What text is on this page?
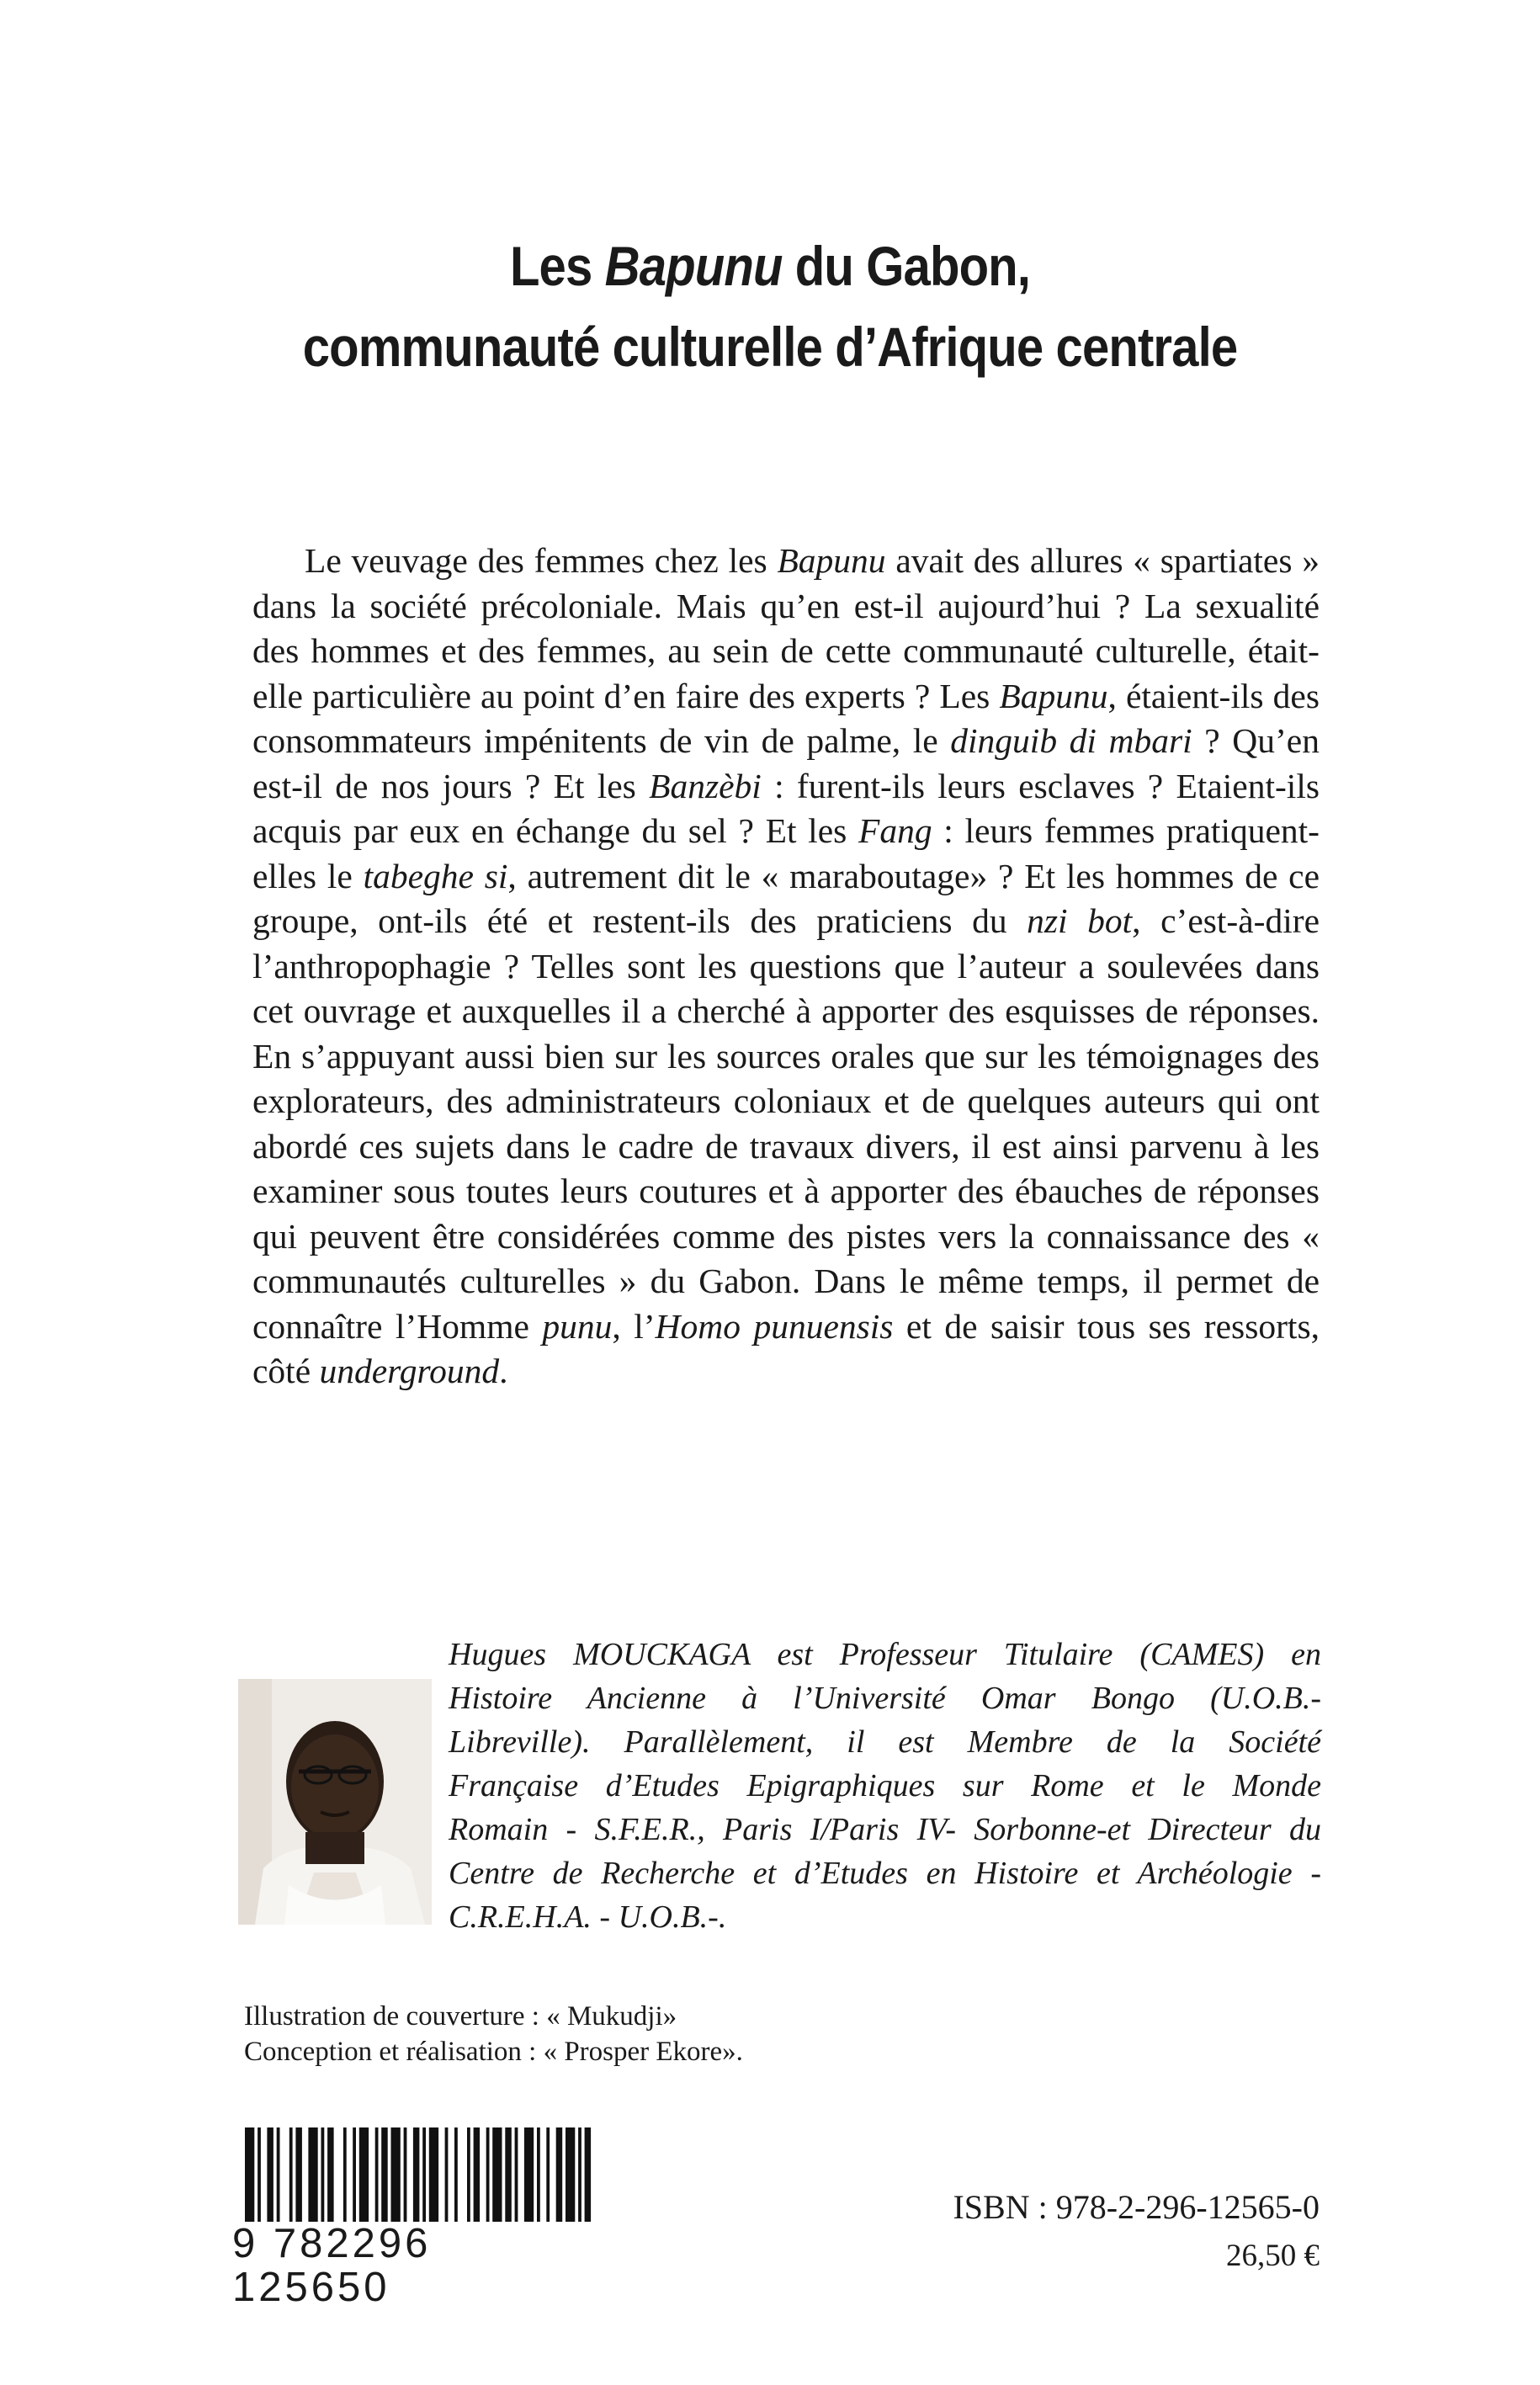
Les Bapunu du Gabon,
communauté culturelle d’Afrique centrale

Le veuvage des femmes chez les Bapunu avait des allures « spartiates » dans la société précoloniale. Mais qu’en est-il aujourd’hui ? La sexualité des hommes et des femmes, au sein de cette communauté culturelle, était-elle particulière au point d’en faire des experts ? Les Bapunu, étaient-ils des consommateurs impénitents de vin de palme, le dinguib di mbari ? Qu’en est-il de nos jours ? Et les Banzèbi : furent-ils leurs esclaves ? Etaient-ils acquis par eux en échange du sel ? Et les Fang : leurs femmes pratiquent-elles le tabeghe si, autrement dit le « maraboutage» ? Et les hommes de ce groupe, ont-ils été et restent-ils des praticiens du nzi bot, c’est-à-dire l’anthropophagie ? Telles sont les questions que l’auteur a soulevées dans cet ouvrage et auxquelles il a cherché à apporter des esquisses de réponses. En s’appuyant aussi bien sur les sources orales que sur les témoignages des explorateurs, des administrateurs coloniaux et de quelques auteurs qui ont abordé ces sujets dans le cadre de travaux divers, il est ainsi parvenu à les examiner sous toutes leurs coutures et à apporter des ébauches de réponses qui peuvent être considérées comme des pistes vers la connaissance des « communautés culturelles » du Gabon. Dans le même temps, il permet de connaître l’Homme punu, l’Homo punuensis et de saisir tous ses ressorts, côté underground.

Hugues MOUCKAGA est Professeur Titulaire (CAMES) en
Histoire Ancienne à l’Université Omar Bongo (U.O.B.-
Libreville). Parallèlement, il est Membre de la Société
Française d’Etudes Epigraphiques sur Rome et le Monde
Romain - S.F.E.R., Paris I/Paris IV- Sorbonne-et Directeur du
Centre de Recherche et d’Etudes en Histoire et Archéologie -
C.R.E.H.A. - U.O.B.-.
Illustration de couverture : « Mukudji»
Conception et réalisation : « Prosper Ekore».
9 782296 125650
ISBN : 978-2-296-12565-0
26,50 €
